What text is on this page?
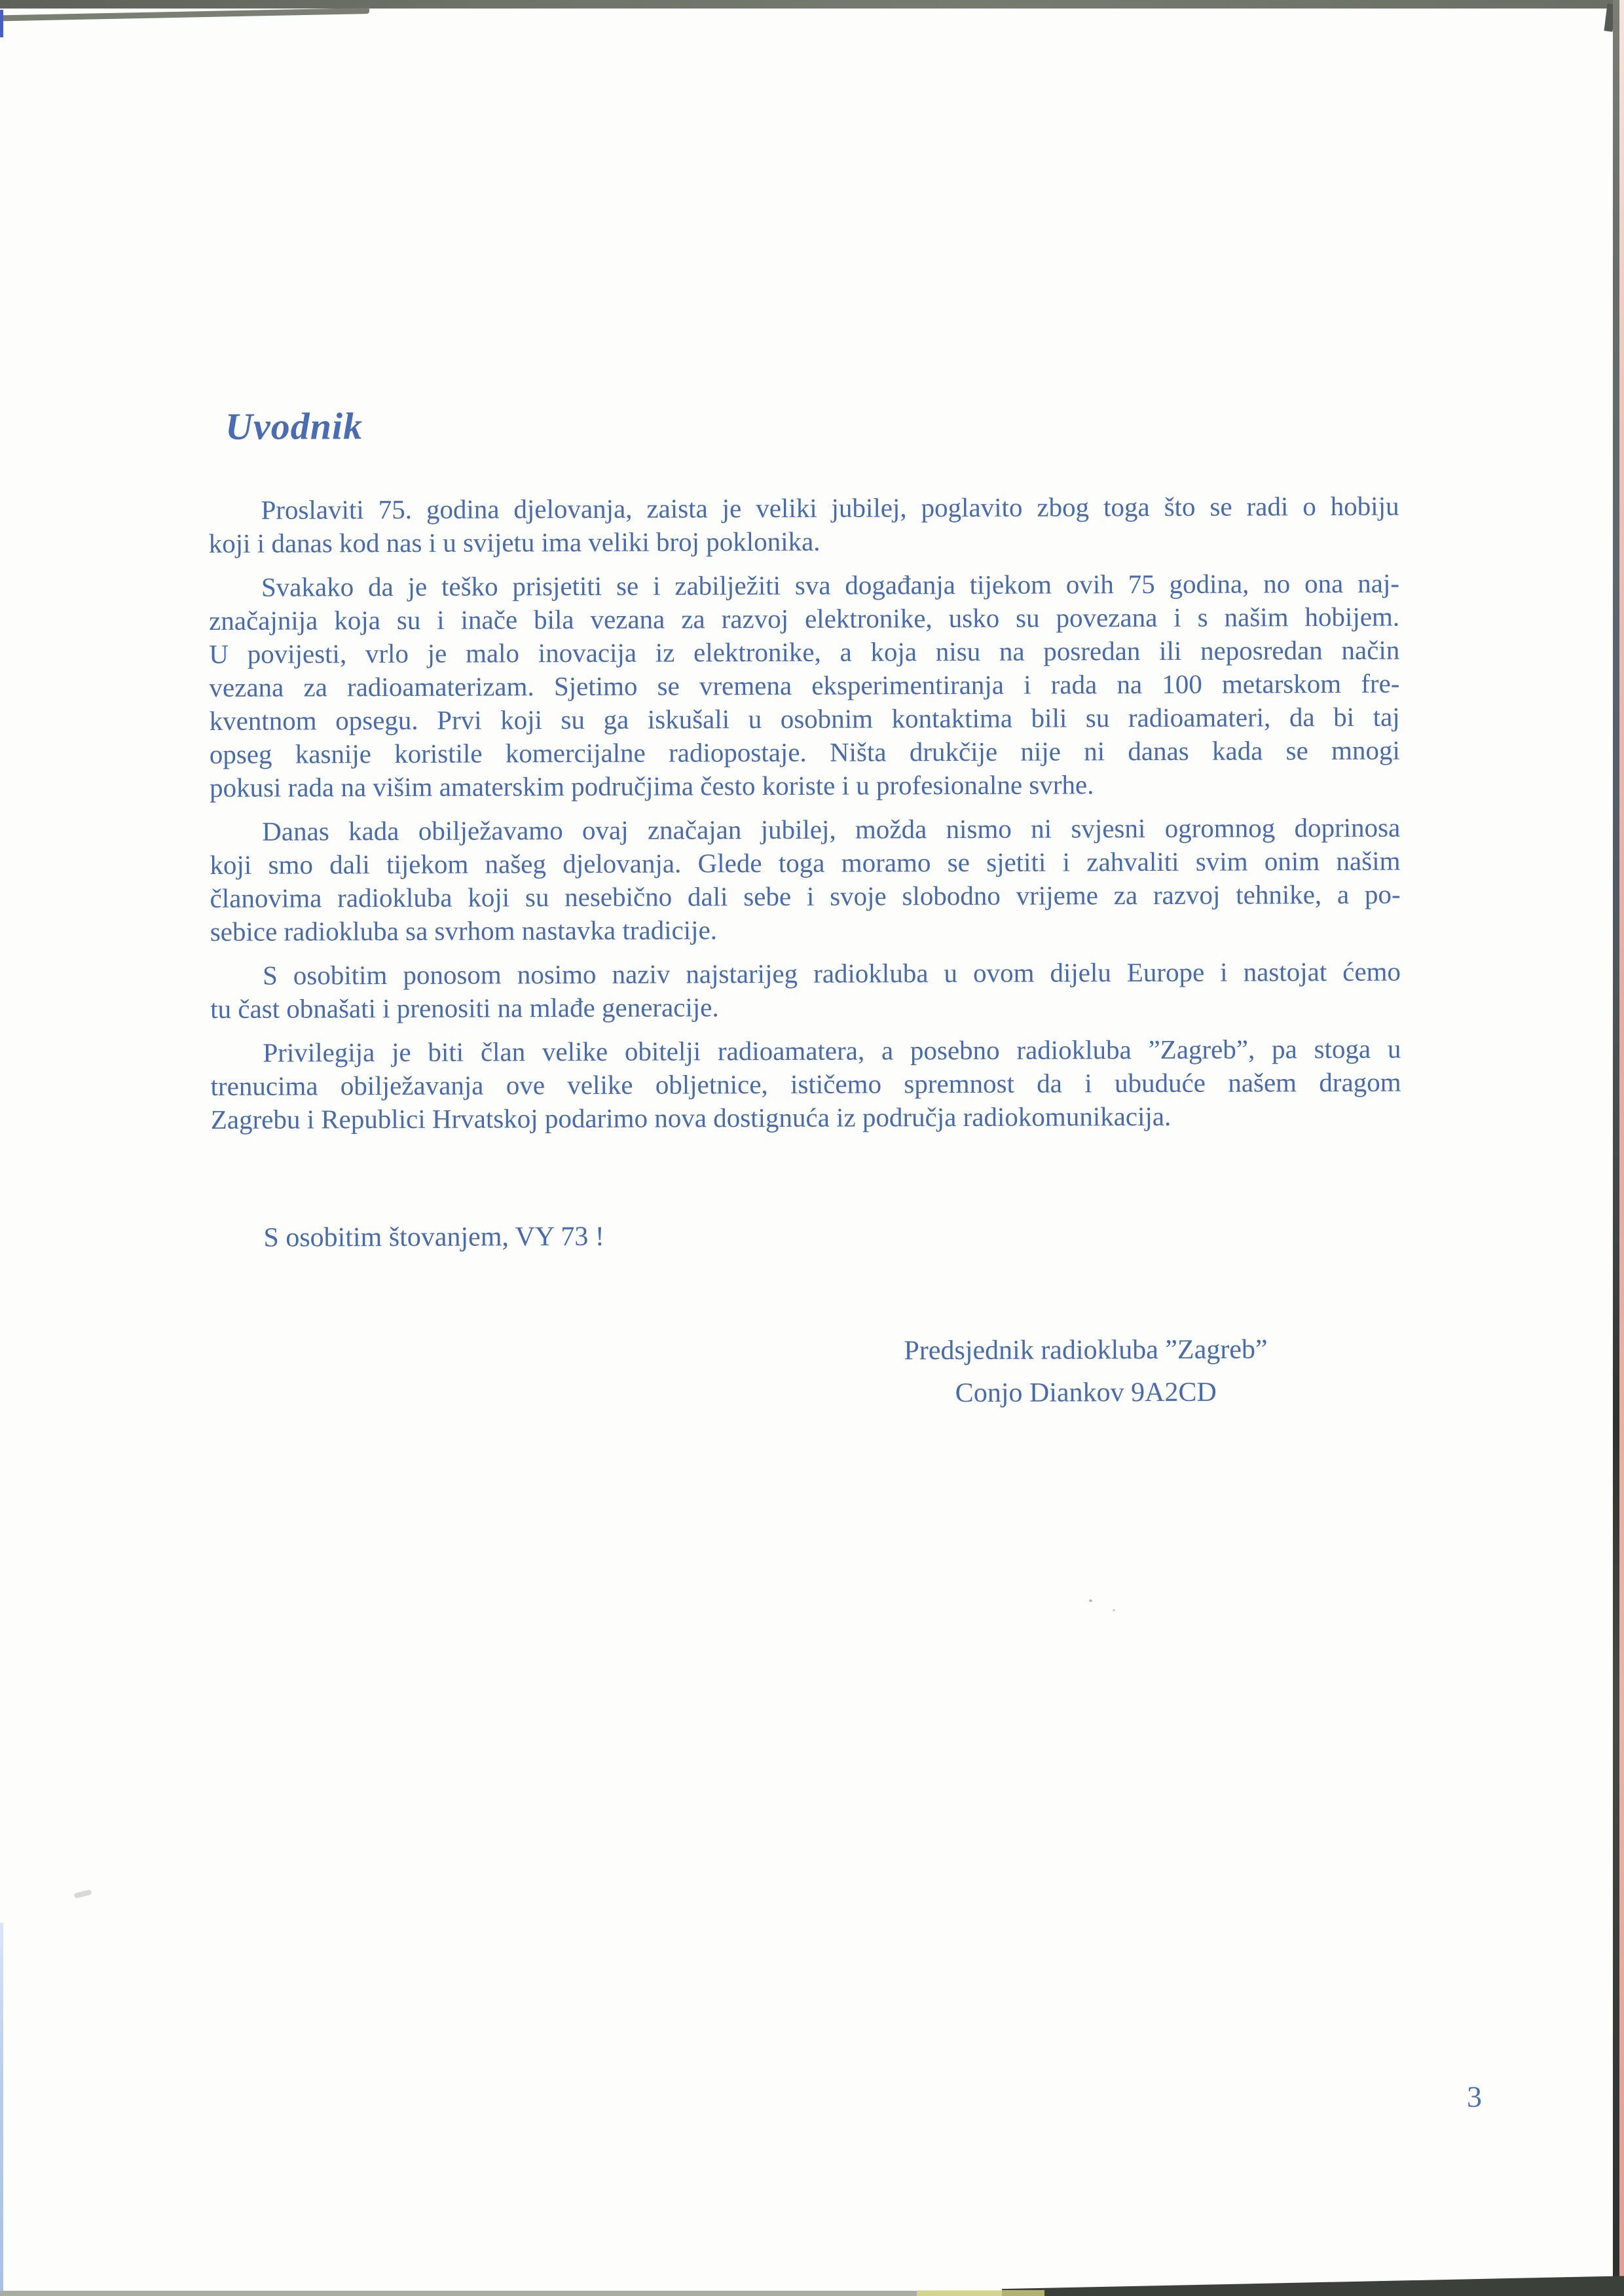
Uvodnik
Proslaviti 75. godina djelovanja, zaista je veliki jubilej, poglavito zbog toga što se radi o hobiju
koji i danas kod nas i u svijetu ima veliki broj poklonika.
Svakako da je teško prisjetiti se i zabilježiti sva događanja tijekom ovih 75 godina, no ona naj-
značajnija koja su i inače bila vezana za razvoj elektronike, usko su povezana i s našim hobijem.
U povijesti, vrlo je malo inovacija iz elektronike, a koja nisu na posredan ili neposredan način
vezana za radioamaterizam. Sjetimo se vremena eksperimentiranja i rada na 100 metarskom fre-
kventnom opsegu. Prvi koji su ga iskušali u osobnim kontaktima bili su radioamateri, da bi taj
opseg kasnije koristile komercijalne radiopostaje. Ništa drukčije nije ni danas kada se mnogi
pokusi rada na višim amaterskim područjima često koriste i u profesionalne svrhe.
Danas kada obilježavamo ovaj značajan jubilej, možda nismo ni svjesni ogromnog doprinosa
koji smo dali tijekom našeg djelovanja. Glede toga moramo se sjetiti i zahvaliti svim onim našim
članovima radiokluba koji su nesebično dali sebe i svoje slobodno vrijeme za razvoj tehnike, a po-
sebice radiokluba sa svrhom nastavka tradicije.
S osobitim ponosom nosimo naziv najstarijeg radiokluba u ovom dijelu Europe i nastojat ćemo
tu čast obnašati i prenositi na mlađe generacije.
Privilegija je biti član velike obitelji radioamatera, a posebno radiokluba ”Zagreb”, pa stoga u
trenucima obilježavanja ove velike obljetnice, ističemo spremnost da i ubuduće našem dragom
Zagrebu i Republici Hrvatskoj podarimo nova dostignuća iz područja radiokomunikacija.

S osobitim štovanjem, VY 73 !

Predsjednik radiokluba ”Zagreb”
Conjo Diankov 9A2CD
3
